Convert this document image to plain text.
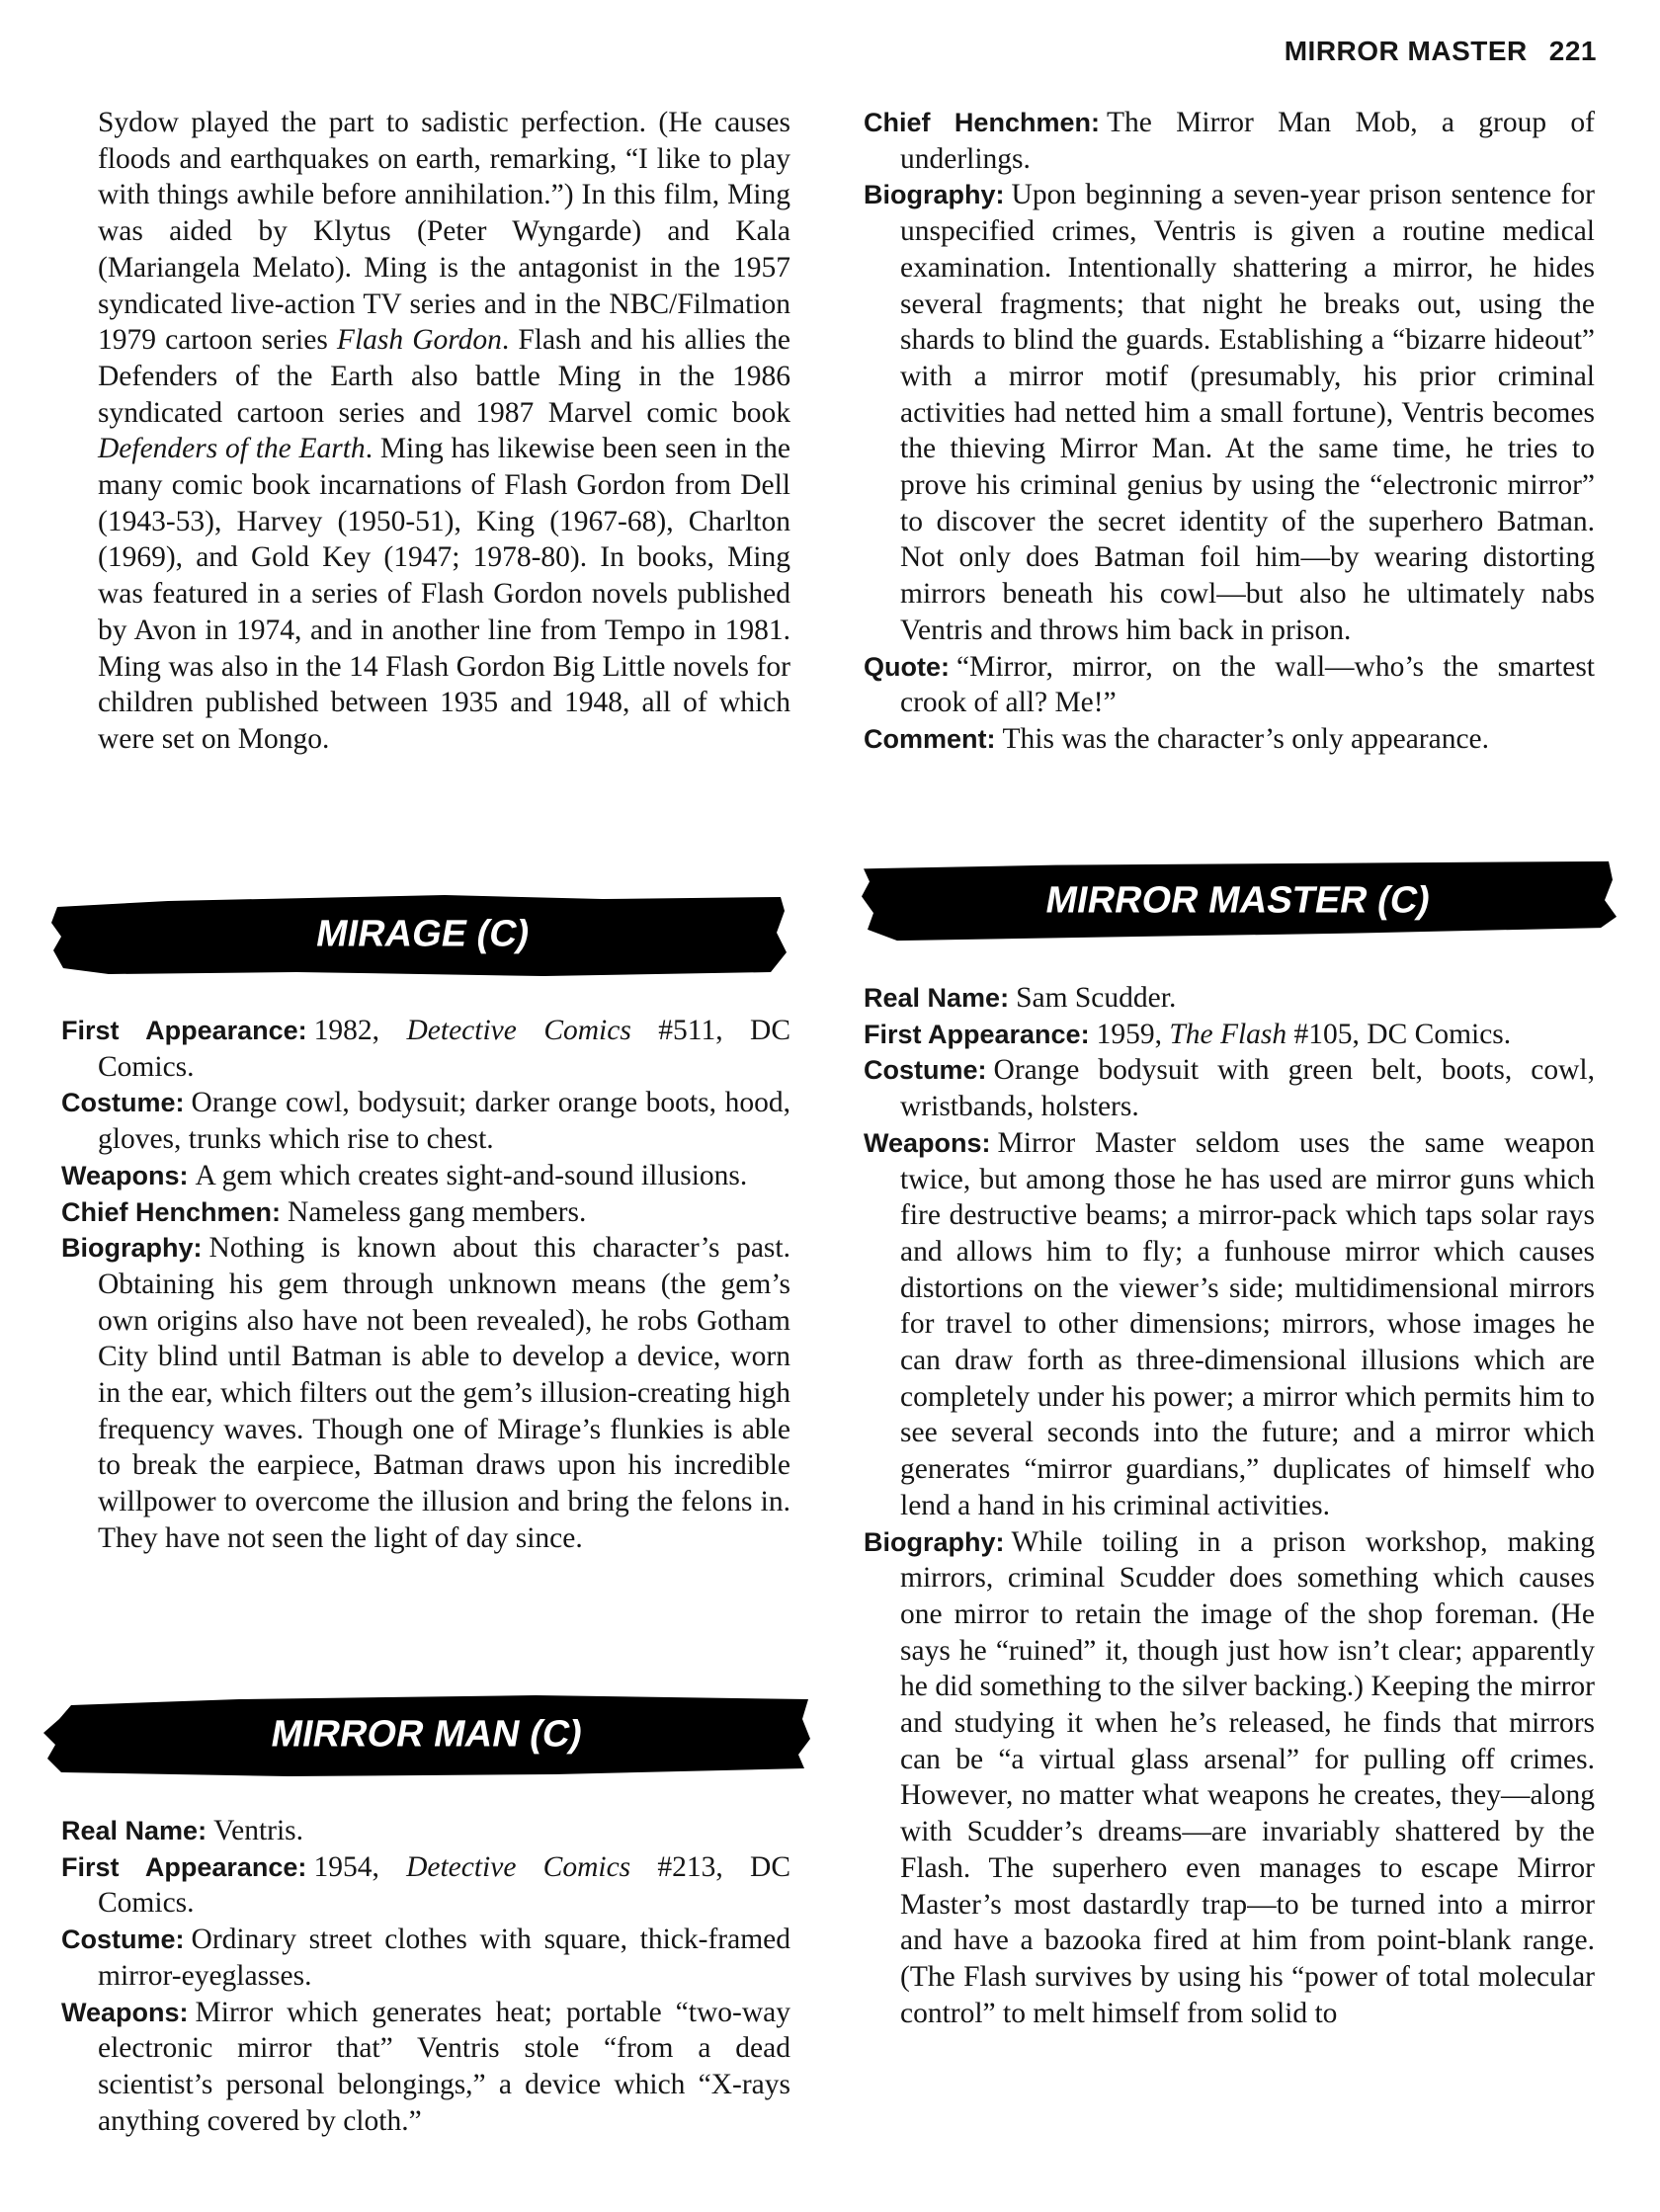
MIRROR MASTER 221
Sydow played the part to sadistic perfection. (He causes floods and earthquakes on earth, remarking, “I like to play with things awhile before annihilation.”) In this film, Ming was aided by Klytus (Peter Wyngarde) and Kala (Mariangela Melato). Ming is the antagonist in the 1957 syndicated live-action TV series and in the NBC/Filmation 1979 cartoon series Flash Gordon. Flash and his allies the Defenders of the Earth also battle Ming in the 1986 syndicated cartoon series and 1987 Marvel comic book Defenders of the Earth. Ming has likewise been seen in the many comic book incarnations of Flash Gordon from Dell (1943-53), Harvey (1950-51), King (1967-68), Charlton (1969), and Gold Key (1947; 1978-80). In books, Ming was featured in a series of Flash Gordon novels published by Avon in 1974, and in another line from Tempo in 1981. Ming was also in the 14 Flash Gordon Big Little novels for children published between 1935 and 1948, all of which were set on Mongo.
MIRAGE (C)
First Appearance: 1982, Detective Comics #511, DC Comics.
Costume: Orange cowl, bodysuit; darker orange boots, hood, gloves, trunks which rise to chest.
Weapons: A gem which creates sight-and-sound illusions.
Chief Henchmen: Nameless gang members.
Biography: Nothing is known about this character’s past. Obtaining his gem through unknown means (the gem’s own origins also have not been revealed), he robs Gotham City blind until Batman is able to develop a device, worn in the ear, which filters out the gem’s illusion-creating high frequency waves. Though one of Mirage’s flunkies is able to break the earpiece, Batman draws upon his incredible willpower to overcome the illusion and bring the felons in. They have not seen the light of day since.
MIRROR MAN (C)
Real Name: Ventris.
First Appearance: 1954, Detective Comics #213, DC Comics.
Costume: Ordinary street clothes with square, thick-framed mirror-eyeglasses.
Weapons: Mirror which generates heat; portable “two-way electronic mirror that” Ventris stole “from a dead scientist’s personal belongings,” a device which “X-rays anything covered by cloth.”
Chief Henchmen: The Mirror Man Mob, a group of underlings.
Biography: Upon beginning a seven-year prison sentence for unspecified crimes, Ventris is given a routine medical examination. Intentionally shattering a mirror, he hides several fragments; that night he breaks out, using the shards to blind the guards. Establishing a “bizarre hideout” with a mirror motif (presumably, his prior criminal activities had netted him a small fortune), Ventris becomes the thieving Mirror Man. At the same time, he tries to prove his criminal genius by using the “electronic mirror” to discover the secret identity of the superhero Batman. Not only does Batman foil him—by wearing distorting mirrors beneath his cowl—but also he ultimately nabs Ventris and throws him back in prison.
Quote: “Mirror, mirror, on the wall—who’s the smartest crook of all? Me!”
Comment: This was the character’s only appearance.
MIRROR MASTER (C)
Real Name: Sam Scudder.
First Appearance: 1959, The Flash #105, DC Comics.
Costume: Orange bodysuit with green belt, boots, cowl, wristbands, holsters.
Weapons: Mirror Master seldom uses the same weapon twice, but among those he has used are mirror guns which fire destructive beams; a mirror-pack which taps solar rays and allows him to fly; a funhouse mirror which causes distortions on the viewer’s side; multidimensional mirrors for travel to other dimensions; mirrors, whose images he can draw forth as three-dimensional illusions which are completely under his power; a mirror which permits him to see several seconds into the future; and a mirror which generates “mirror guardians,” duplicates of himself who lend a hand in his criminal activities.
Biography: While toiling in a prison workshop, making mirrors, criminal Scudder does something which causes one mirror to retain the image of the shop foreman. (He says he “ruined” it, though just how isn’t clear; apparently he did something to the silver backing.) Keeping the mirror and studying it when he’s released, he finds that mirrors can be “a virtual glass arsenal” for pulling off crimes. However, no matter what weapons he creates, they—along with Scudder’s dreams—are invariably shattered by the Flash. The superhero even manages to escape Mirror Master’s most dastardly trap—to be turned into a mirror and have a bazooka fired at him from point-blank range. (The Flash survives by using his “power of total molecular control” to melt himself from solid to
